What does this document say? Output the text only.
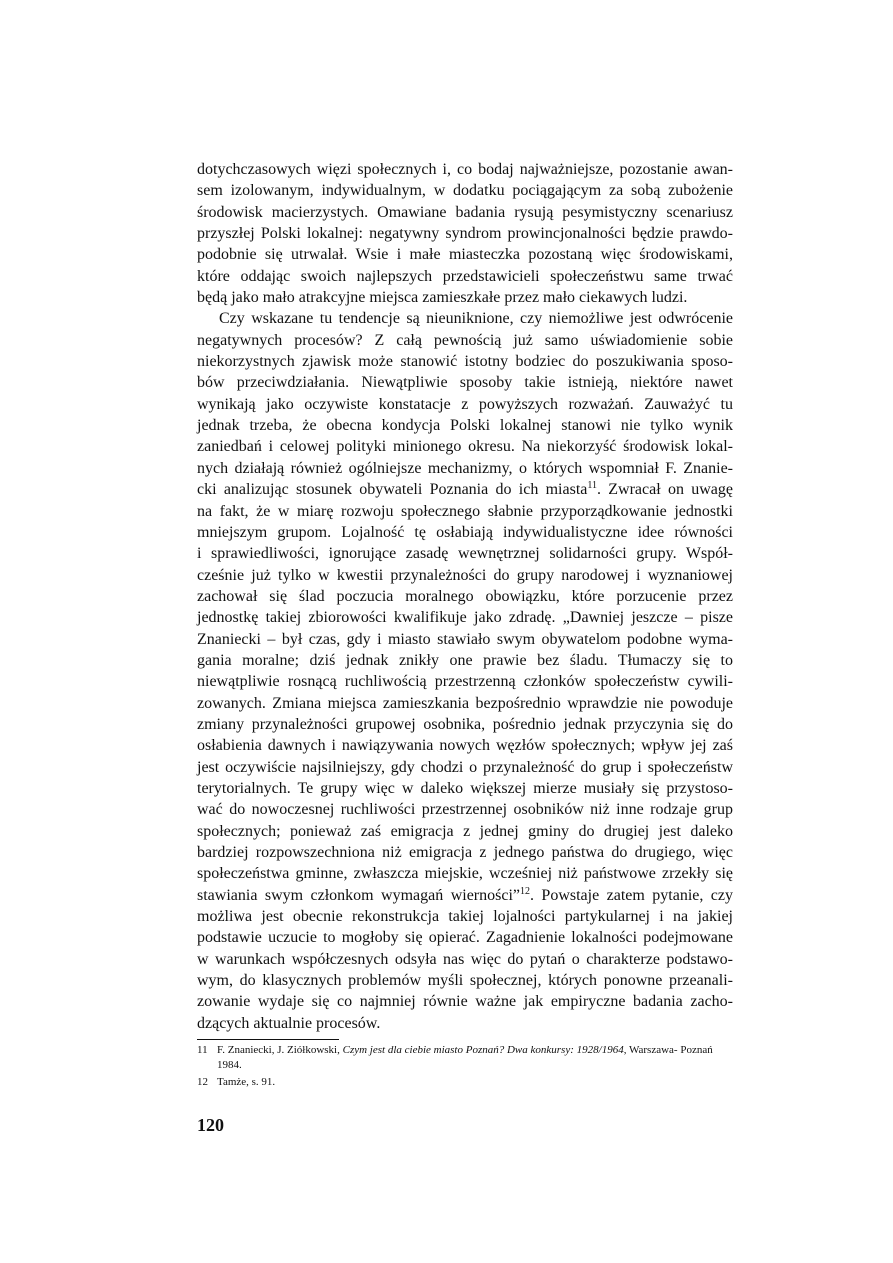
dotychczasowych więzi społecznych i, co bodaj najważniejsze, pozostanie awan-
sem izolowanym, indywidualnym, w dodatku pociągającym za sobą zubożenie
środowisk macierzystych. Omawiane badania rysują pesymistyczny scenariusz
przyszłej Polski lokalnej: negatywny syndrom prowincjonalności będzie prawdo-
podobnie się utrwalał. Wsie i małe miasteczka pozostaną więc środowiskami,
które oddając swoich najlepszych przedstawicieli społeczeństwu same trwać
będą jako mało atrakcyjne miejsca zamieszkałe przez mało ciekawych ludzi.
Czy wskazane tu tendencje są nieuniknione, czy niemożliwe jest odwrócenie
negatywnych procesów? Z całą pewnością już samo uświadomienie sobie
niekorzystnych zjawisk może stanowić istotny bodziec do poszukiwania sposo-
bów przeciwdziałania. Niewątpliwie sposoby takie istnieją, niektóre nawet
wynikają jako oczywiste konstatacje z powyższych rozważań. Zauważyć tu
jednak trzeba, że obecna kondycja Polski lokalnej stanowi nie tylko wynik
zaniedbań i celowej polityki minionego okresu. Na niekorzyść środowisk lokal-
nych działają również ogólniejsze mechanizmy, o których wspomniał F. Znanie-
cki analizując stosunek obywateli Poznania do ich miasta$^{11}$. Zwracał on uwagę
na fakt, że w miarę rozwoju społecznego słabnie przyporządkowanie jednostki
mniejszym grupom. Lojalność tę osłabiają indywidualistyczne idee równości
i sprawiedliwości, ignorujące zasadę wewnętrznej solidarności grupy. Współ-
cześnie już tylko w kwestii przynależności do grupy narodowej i wyznaniowej
zachował się ślad poczucia moralnego obowiązku, które porzucenie przez
jednostkę takiej zbiorowości kwalifikuje jako zdradę. „Dawniej jeszcze – pisze
Znaniecki – był czas, gdy i miasto stawiało swym obywatelom podobne wyma-
gania moralne; dziś jednak znikły one prawie bez śladu. Tłumaczy się to
niewątpliwie rosnącą ruchliwością przestrzenną członków społeczeństw cywili-
zowanych. Zmiana miejsca zamieszkania bezpośrednio wprawdzie nie powoduje
zmiany przynależności grupowej osobnika, pośrednio jednak przyczynia się do
osłabienia dawnych i nawiązywania nowych węzłów społecznych; wpływ jej zaś
jest oczywiście najsilniejszy, gdy chodzi o przynależność do grup i społeczeństw
terytorialnych. Te grupy więc w daleko większej mierze musiały się przystoso-
wać do nowoczesnej ruchliwości przestrzennej osobników niż inne rodzaje grup
społecznych; ponieważ zaś emigracja z jednej gminy do drugiej jest daleko
bardziej rozpowszechniona niż emigracja z jednego państwa do drugiego, więc
społeczeństwa gminne, zwłaszcza miejskie, wcześniej niż państwowe zrzekły się
stawiania swym członkom wymagań wierności”$^{12}$. Powstaje zatem pytanie, czy
możliwa jest obecnie rekonstrukcja takiej lojalności partykularnej i na jakiej
podstawie uczucie to mogłoby się opierać. Zagadnienie lokalności podejmowane
w warunkach współczesnych odsyła nas więc do pytań o charakterze podstawo-
wym, do klasycznych problemów myśli społecznej, których ponowne przeanali-
zowanie wydaje się co najmniej równie ważne jak empiryczne badania zacho-
dzących aktualnie procesów.
11 F. Znaniecki, J. Ziółkowski, Czym jest dla ciebie miasto Poznań? Dwa konkursy: 1928/1964, Warszawa- Poznań 1984.
12 Tamże, s. 91.
120
